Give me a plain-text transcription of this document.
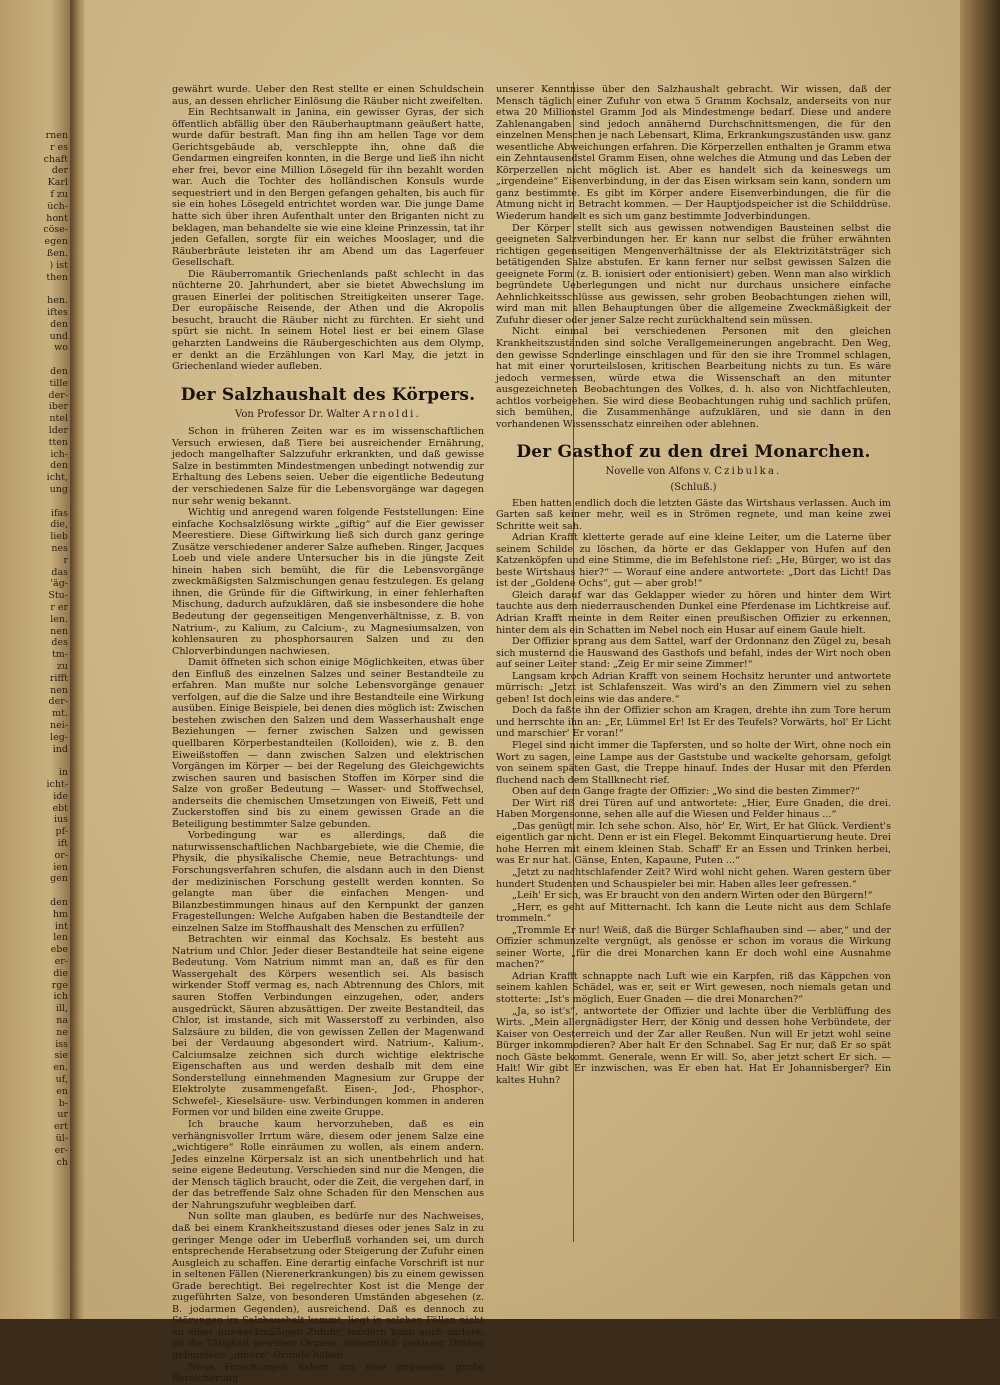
rnen
r es
chaft
der
Karl
f zu
üch-
hont
cöse-
egen
ßen.
) ist
then
hen.
iftes
den
und
wo
den
tille
der-
iber
ntel
lder
tten
ich-
den
icht,
ung
ifas
die,
lieb
nes
r
das
'äg-
Stu-
r er
len.
nen
des
tm-
zu
rifft
nen
der-
mt.
nei-
leg-
ind
in
icht-
ide
ebt
ius
pf-
ift
or-
ien
gen
den
hm
int
len
ebe
er-
die
rge
ich
ill,
na
ne
iss
sie
en.
uf,
en
b-
ur
ert
ül-
er-
ch

gewährt wurde. Ueber den Rest stellte er einen Schuldschein aus, an dessen ehrlicher Einlösung die Räuber nicht zweifelten.

Ein Rechtsanwalt in Janina, ein gewisser Gyras, der sich öffentlich abfällig über den Räuberhauptmann geäußert hatte, wurde dafür bestraft. Man fing ihn am hellen Tage vor dem Gerichtsgebäude ab, verschleppte ihn, ohne daß die Gendarmen eingreifen konnten, in die Berge und ließ ihn nicht eher frei, bevor eine Million Lösegeld für ihn bezahlt worden war. Auch die Tochter des holländischen Konsuls wurde sequestriert und in den Bergen gefangen gehalten, bis auch für sie ein hohes Lösegeld entrichtet worden war. Die junge Dame hatte sich über ihren Aufenthalt unter den Briganten nicht zu beklagen, man behandelte sie wie eine kleine Prinzessin, tat ihr jeden Gefallen, sorgte für ein weiches Mooslager, und die Räuberbräute leisteten ihr am Abend um das Lagerfeuer Gesellschaft.

Die Räuberromantik Griechenlands paßt schlecht in das nüchterne 20. Jahrhundert, aber sie bietet Abwechslung im grauen Einerlei der politischen Streitigkeiten unserer Tage. Der europäische Reisende, der Athen und die Akropolis besucht, braucht die Räuber nicht zu fürchten. Er sieht und spürt sie nicht. In seinem Hotel liest er bei einem Glase geharzten Landweins die Räubergeschichten aus dem Olymp, er denkt an die Erzählungen von Karl May, die jetzt in Griechenland wieder aufleben.

Der Salzhaushalt des Körpers.
Von Professor Dr. Walter Arnoldi.

Schon in früheren Zeiten war es im wissenschaftlichen Versuch erwiesen, daß Tiere bei ausreichender Ernährung, jedoch mangelhafter Salzzufuhr erkrankten, und daß gewisse Salze in bestimmten Mindestmengen unbedingt notwendig zur Erhaltung des Lebens seien. Ueber die eigentliche Bedeutung der verschiedenen Salze für die Lebensvorgänge war dagegen nur sehr wenig bekannt.

Wichtig und anregend waren folgende Feststellungen: Eine einfache Kochsalzlösung wirkte „giftig“ auf die Eier gewisser Meerestiere. Diese Giftwirkung ließ sich durch ganz geringe Zusätze verschiedener anderer Salze aufheben. Ringer, Jacques Loeb und viele andere Untersucher bis in die jüngste Zeit hinein haben sich bemüht, die für die Lebensvorgänge zweckmäßigsten Salzmischungen genau festzulegen. Es gelang ihnen, die Gründe für die Giftwirkung, in einer fehlerhaften Mischung, dadurch aufzuklären, daß sie insbesondere die hohe Bedeutung der gegenseitigen Mengenverhältnisse, z. B. von Natrium-, zu Kalium, zu Calcium-, zu Magnesiumsalzen, von kohlensauren zu phosphorsauren Salzen und zu den Chlorverbindungen nachwiesen.

Damit öffneten sich schon einige Möglichkeiten, etwas über den Einfluß des einzelnen Salzes und seiner Bestandteile zu erfahren. Man mußte nur solche Lebensvorgänge genauer verfolgen, auf die die Salze und ihre Bestandteile eine Wirkung ausüben. Einige Beispiele, bei denen dies möglich ist: Zwischen bestehen zwischen den Salzen und dem Wasserhaushalt enge Beziehungen — ferner zwischen Salzen und gewissen quellbaren Körperbestandteilen (Kolloiden), wie z. B. den Eiweißstoffen — dann zwischen Salzen und elektrischen Vorgängen im Körper — bei der Regelung des Gleichgewichts zwischen sauren und basischen Stoffen im Körper sind die Salze von großer Bedeutung — Wasser- und Stoffwechsel, anderseits die chemischen Umsetzungen von Eiweiß, Fett und Zuckerstoffen sind bis zu einem gewissen Grade an die Beteiligung bestimmter Salze gebunden.

Vorbedingung war es allerdings, daß die naturwissenschaftlichen Nachbargebiete, wie die Chemie, die Physik, die physikalische Chemie, neue Betrachtungs- und Forschungsverfahren schufen, die alsdann auch in den Dienst der medizinischen Forschung gestellt werden konnten. So gelangte man über die einfachen Mengen- und Bilanzbestimmungen hinaus auf den Kernpunkt der ganzen Fragestellungen: Welche Aufgaben haben die Bestandteile der einzelnen Salze im Stoffhaushalt des Menschen zu erfüllen?

Betrachten wir einmal das Kochsalz. Es besteht aus Natrium und Chlor. Jeder dieser Bestandteile hat seine eigene Bedeutung. Vom Natrium nimmt man an, daß es für den Wassergehalt des Körpers wesentlich sei. Als basisch wirkender Stoff vermag es, nach Abtrennung des Chlors, mit sauren Stoffen Verbindungen einzugehen, oder, anders ausgedrückt, Säuren abzusättigen. Der zweite Bestandteil, das Chlor, ist imstande, sich mit Wasserstoff zu verbinden, also Salzsäure zu bilden, die von gewissen Zellen der Magenwand bei der Verdauung abgesondert wird. Natrium-, Kalium-, Calciumsalze zeichnen sich durch wichtige elektrische Eigenschaften aus und werden deshalb mit dem eine Sonderstellung einnehmenden Magnesium zur Gruppe der Elektrolyte zusammengefaßt. Eisen-, Jod-, Phosphor-, Schwefel-, Kieselsäure- usw. Verbindungen kommen in anderen Formen vor und bilden eine zweite Gruppe.

Ich brauche kaum hervorzuheben, daß es ein verhängnisvoller Irrtum wäre, diesem oder jenem Salze eine „wichtigere“ Rolle einräumen zu wollen, als einem andern. Jedes einzelne Körpersalz ist an sich unentbehrlich und hat seine eigene Bedeutung. Verschieden sind nur die Mengen, die der Mensch täglich braucht, oder die Zeit, die vergehen darf, in der das betreffende Salz ohne Schaden für den Menschen aus der Nahrungszufuhr wegbleiben darf.

Nun sollte man glauben, es bedürfe nur des Nachweises, daß bei einem Krankheitszustand dieses oder jenes Salz in zu geringer Menge oder im Ueberfluß vorhanden sei, um durch entsprechende Herabsetzung oder Steigerung der Zufuhr einen Ausgleich zu schaffen. Eine derartig einfache Vorschrift ist nur in seltenen Fällen (Nierenerkrankungen) bis zu einem gewissen Grade berechtigt. Bei regelrechter Kost ist die Menge der zugeführten Salze, von besonderen Umständen abgesehen (z. B. jodarmen Gegenden), ausreichend. Daß es dennoch zu Störungen im Salzhaushalt kommt, liegt in solchen Fällen nicht an einer unzweckmäßigen Zufuhr, sondern kann auch andere, an die Tätigkeit gewisser Organe, namentlich gewisser Drüsen gebundene „innere“ Gründe haben.

Neue Forschungen haben uns eine ungemein große Bereicherung

unserer Kenntnisse über den Salzhaushalt gebracht. Wir wissen, daß der Mensch täglich einer Zufuhr von etwa 5 Gramm Kochsalz, anderseits von nur etwa 20 Millionstel Gramm Jod als Mindestmenge bedarf. Diese und andere Zahlenangaben sind jedoch annähernd Durchschnittsmengen, die für den einzelnen Menschen je nach Lebensart, Klima, Erkrankungszuständen usw. ganz wesentliche Abweichungen erfahren. Die Körperzellen enthalten je Gramm etwa ein Zehntausendstel Gramm Eisen, ohne welches die Atmung und das Leben der Körperzellen nicht möglich ist. Aber es handelt sich da keineswegs um „irgendeine“ Eisenverbindung, in der das Eisen wirksam sein kann, sondern um ganz bestimmte. Es gibt im Körper andere Eisenverbindungen, die für die Atmung nicht in Betracht kommen. — Der Hauptjodspeicher ist die Schilddrüse. Wiederum handelt es sich um ganz bestimmte Jodverbindungen.

Der Körper stellt sich aus gewissen notwendigen Bausteinen selbst die geeigneten Salzverbindungen her. Er kann nur selbst die früher erwähnten richtigen gegenseitigen Mengenverhältnisse der als Elektrizitätsträger sich betätigenden Salze abstufen. Er kann ferner nur selbst gewissen Salzen die geeignete Form (z. B. ionisiert oder entionisiert) geben. Wenn man also wirklich begründete Ueberlegungen und nicht nur durchaus unsichere einfache Aehnlichkeitsschlüsse aus gewissen, sehr groben Beobachtungen ziehen will, wird man mit allen Behauptungen über die allgemeine Zweckmäßigkeit der Zufuhr dieser oder jener Salze recht zurückhaltend sein müssen.

Nicht einmal bei verschiedenen Personen mit den gleichen Krankheitszuständen sind solche Verallgemeinerungen angebracht. Den Weg, den gewisse Sonderlinge einschlagen und für den sie ihre Trommel schlagen, hat mit einer vorurteilslosen, kritischen Bearbeitung nichts zu tun. Es wäre jedoch vermessen, würde etwa die Wissenschaft an den mitunter ausgezeichneten Beobachtungen des Volkes, d. h. also von Nichtfachleuten, achtlos vorbeigehen. Sie wird diese Beobachtungen ruhig und sachlich prüfen, sich bemühen, die Zusammenhänge aufzuklären, und sie dann in den vorhandenen Wissensschatz einreihen oder ablehnen.

Der Gasthof zu den drei Monarchen.
Novelle von Alfons v. Czibulka.
(Schluß.)

Eben hatten endlich doch die letzten Gäste das Wirtshaus verlassen. Auch im Garten saß keiner mehr, weil es in Strömen regnete, und man keine zwei Schritte weit sah.

Adrian Krafft kletterte gerade auf eine kleine Leiter, um die Laterne über seinem Schilde zu löschen, da hörte er das Geklapper von Hufen auf den Katzenköpfen und eine Stimme, die im Befehlstone rief: „He, Bürger, wo ist das beste Wirtshaus hier?“ — Worauf eine andere antwortete: „Dort das Licht! Das ist der „Goldene Ochs“, gut — aber grob!“

Gleich darauf war das Geklapper wieder zu hören und hinter dem Wirt tauchte aus dem niederrauschenden Dunkel eine Pferdenase im Lichtkreise auf. Adrian Krafft meinte in dem Reiter einen preußischen Offizier zu erkennen, hinter dem als ein Schatten im Nebel noch ein Husar auf einem Gaule hielt.

Der Offizier sprang aus dem Sattel, warf der Ordonnanz den Zügel zu, besah sich musternd die Hauswand des Gasthofs und befahl, indes der Wirt noch oben auf seiner Leiter stand: „Zeig Er mir seine Zimmer!“

Langsam kroch Adrian Krafft von seinem Hochsitz herunter und antwortete mürrisch: „Jetzt ist Schlafenszeit. Was wird's an den Zimmern viel zu sehen geben! Ist doch eins wie das andere.“

Doch da faßte ihn der Offizier schon am Kragen, drehte ihn zum Tore herum und herrschte ihn an: „Er, Lümmel Er! Ist Er des Teufels? Vorwärts, hol' Er Licht und marschier' Er voran!“

Flegel sind nicht immer die Tapfersten, und so holte der Wirt, ohne noch ein Wort zu sagen, eine Lampe aus der Gaststube und wackelte gehorsam, gefolgt von seinem späten Gast, die Treppe hinauf. Indes der Husar mit den Pferden fluchend nach dem Stallknecht rief.

Oben auf dem Gange fragte der Offizier: „Wo sind die besten Zimmer?“

Der Wirt riß drei Türen auf und antwortete: „Hier, Eure Gnaden, die drei. Haben Morgensonne, sehen alle auf die Wiesen und Felder hinaus ...“

„Das genügt mir. Ich sehe schon. Also, hör' Er, Wirt, Er hat Glück. Verdient's eigentlich gar nicht. Denn er ist ein Flegel. Bekommt Einquartierung heute. Drei hohe Herren mit einem kleinen Stab. Schaff' Er an Essen und Trinken herbei, was Er nur hat. Gänse, Enten, Kapaune, Puten ...“

„Jetzt zu nachtschlafender Zeit? Wird wohl nicht gehen. Waren gestern über hundert Studenten und Schauspieler bei mir. Haben alles leer gefressen.“

„Leih' Er sich, was Er braucht von den andern Wirten oder den Bürgern!“

„Herr, es geht auf Mitternacht. Ich kann die Leute nicht aus dem Schlafe trommeln.“

„Trommle Er nur! Weiß, daß die Bürger Schlafhauben sind — aber,“ und der Offizier schmunzelte vergnügt, als genösse er schon im voraus die Wirkung seiner Worte, „für die drei Monarchen kann Er doch wohl eine Ausnahme machen?“

Adrian Krafft schnappte nach Luft wie ein Karpfen, riß das Käppchen von seinem kahlen Schädel, was er, seit er Wirt gewesen, noch niemals getan und stotterte: „Ist's möglich, Euer Gnaden — die drei Monarchen?“

„Ja, so ist's“, antwortete der Offizier und lachte über die Verblüffung des Wirts. „Mein allergnädigster Herr, der König und dessen hohe Verbündete, der Kaiser von Oesterreich und der Zar aller Reußen. Nun will Er jetzt wohl seine Bürger inkommodieren? Aber halt Er den Schnabel. Sag Er nur, daß Er so spät noch Gäste bekommt. Generale, wenn Er will. So, aber jetzt schert Er sich. — Halt! Wir gibt Er inzwischen, was Er eben hat. Hat Er Johannisberger? Ein kaltes Huhn?
